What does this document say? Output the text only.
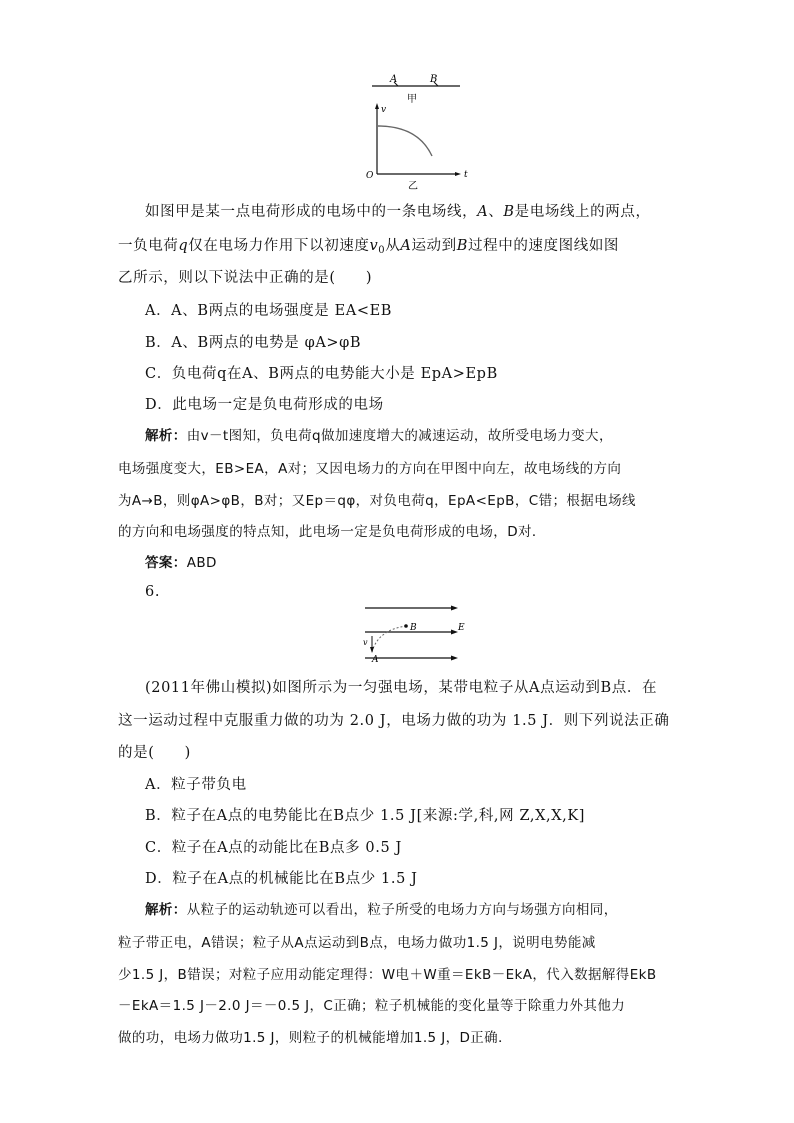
A	B
甲
v
t
O
乙
如图甲是某一点电荷形成的电场中的一条电场线，A、B是电场线上的两点，
一负电荷q仅在电场力作用下以初速度$v_0$从A运动到B过程中的速度图线如图
乙所示，则以下说法中正确的是(　　)
A．A、B两点的电场强度是 EA<EB
B．A、B两点的电势是 φA>φB
C．负电荷q在A、B两点的电势能大小是 EpA>EpB
D．此电场一定是负电荷形成的电场
解析：由v－t图知，负电荷q做加速度增大的减速运动，故所受电场力变大，
电场强度变大，EB>EA，A对；又因电场力的方向在甲图中向左，故电场线的方向
为A→B，则φA>φB，B对；又Ep＝qφ，对负电荷q，EpA<EpB，C错；根据电场线
的方向和电场强度的特点知，此电场一定是负电荷形成的电场，D对．
答案：ABD
6.
B	E
v
A
(2011年佛山模拟)如图所示为一匀强电场，某带电粒子从A点运动到B点．在
这一运动过程中克服重力做的功为 2.0 J，电场力做的功为 1.5 J．则下列说法正确
的是(　　)
A．粒子带负电
B．粒子在A点的电势能比在B点少 1.5 J[来源:学,科,网 Z,X,X,K]
C．粒子在A点的动能比在B点多 0.5 J
D．粒子在A点的机械能比在B点少 1.5 J
解析：从粒子的运动轨迹可以看出，粒子所受的电场力方向与场强方向相同，
粒子带正电，A错误；粒子从A点运动到B点，电场力做功1.5 J，说明电势能减
少1.5 J，B错误；对粒子应用动能定理得：W电＋W重＝EkB－EkA，代入数据解得EkB
－EkA＝1.5 J－2.0 J＝－0.5 J，C正确；粒子机械能的变化量等于除重力外其他力
做的功，电场力做功1.5 J，则粒子的机械能增加1.5 J，D正确．
